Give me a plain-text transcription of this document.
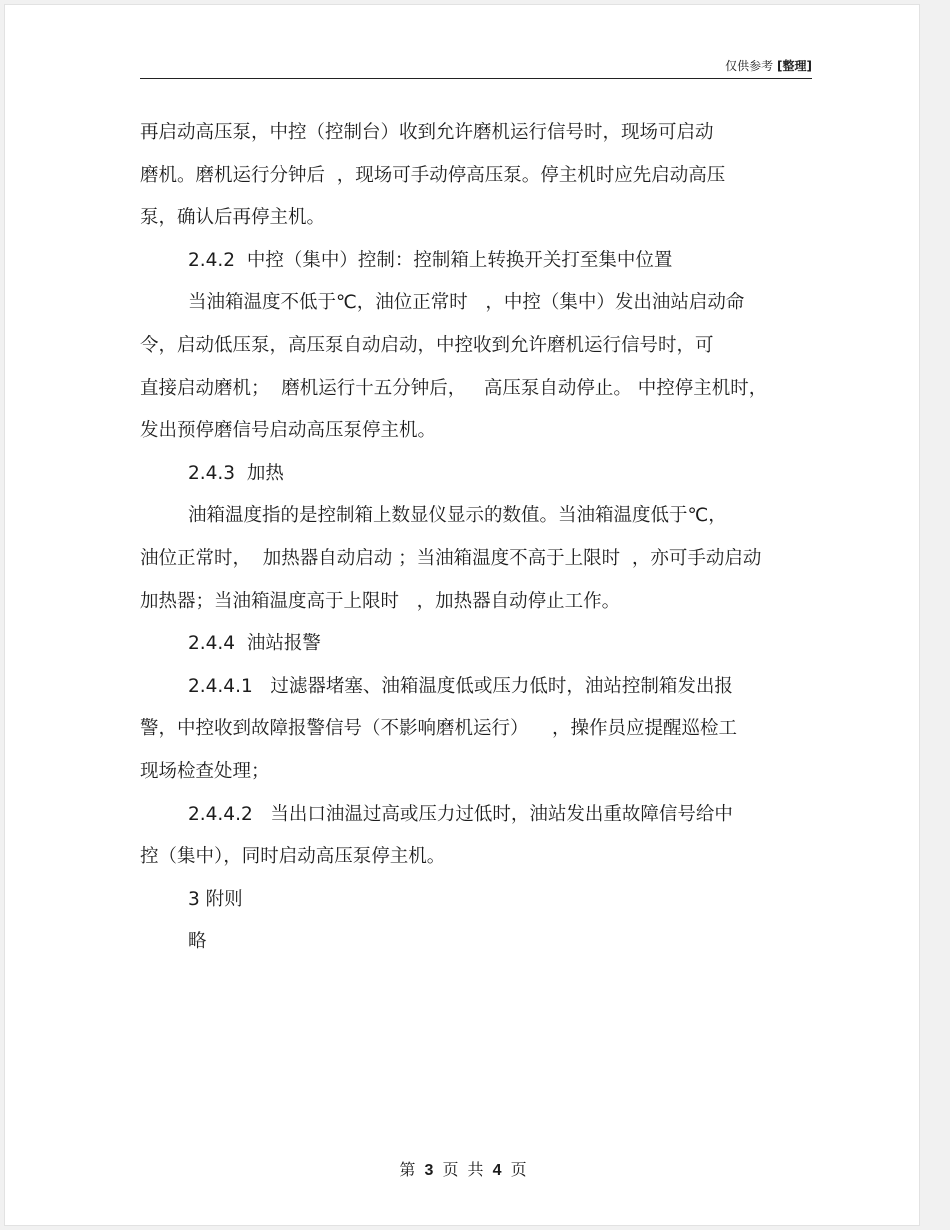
仅供参考 [整理]
再启动高压泵，中控（控制台）收到允许磨机运行信号时，现场可启动
磨机。磨机运行分钟后  ，现场可手动停高压泵。停主机时应先启动高压
泵，确认后再停主机。
2.4.2  中控（集中）控制：控制箱上转换开关打至集中位置
当油箱温度不低于℃，油位正常时   ，中控（集中）发出油站启动命
令，启动低压泵，高压泵自动启动，中控收到允许磨机运行信号时，可
直接启动磨机；  磨机运行十五分钟后，   高压泵自动停止。 中控停主机时，
发出预停磨信号启动高压泵停主机。
2.4.3  加热
油箱温度指的是控制箱上数显仪显示的数值。当油箱温度低于℃，
油位正常时，  加热器自动启动 ；当油箱温度不高于上限时  ，亦可手动启动
加热器；当油箱温度高于上限时   ，加热器自动停止工作。
2.4.4  油站报警
2.4.4.1   过滤器堵塞、油箱温度低或压力低时，油站控制箱发出报
警，中控收到故障报警信号（不影响磨机运行）    ，操作员应提醒巡检工
现场检查处理；
2.4.4.2   当出口油温过高或压力过低时，油站发出重故障信号给中
控（集中），同时启动高压泵停主机。
3 附则
略
第 3 页 共 4 页
